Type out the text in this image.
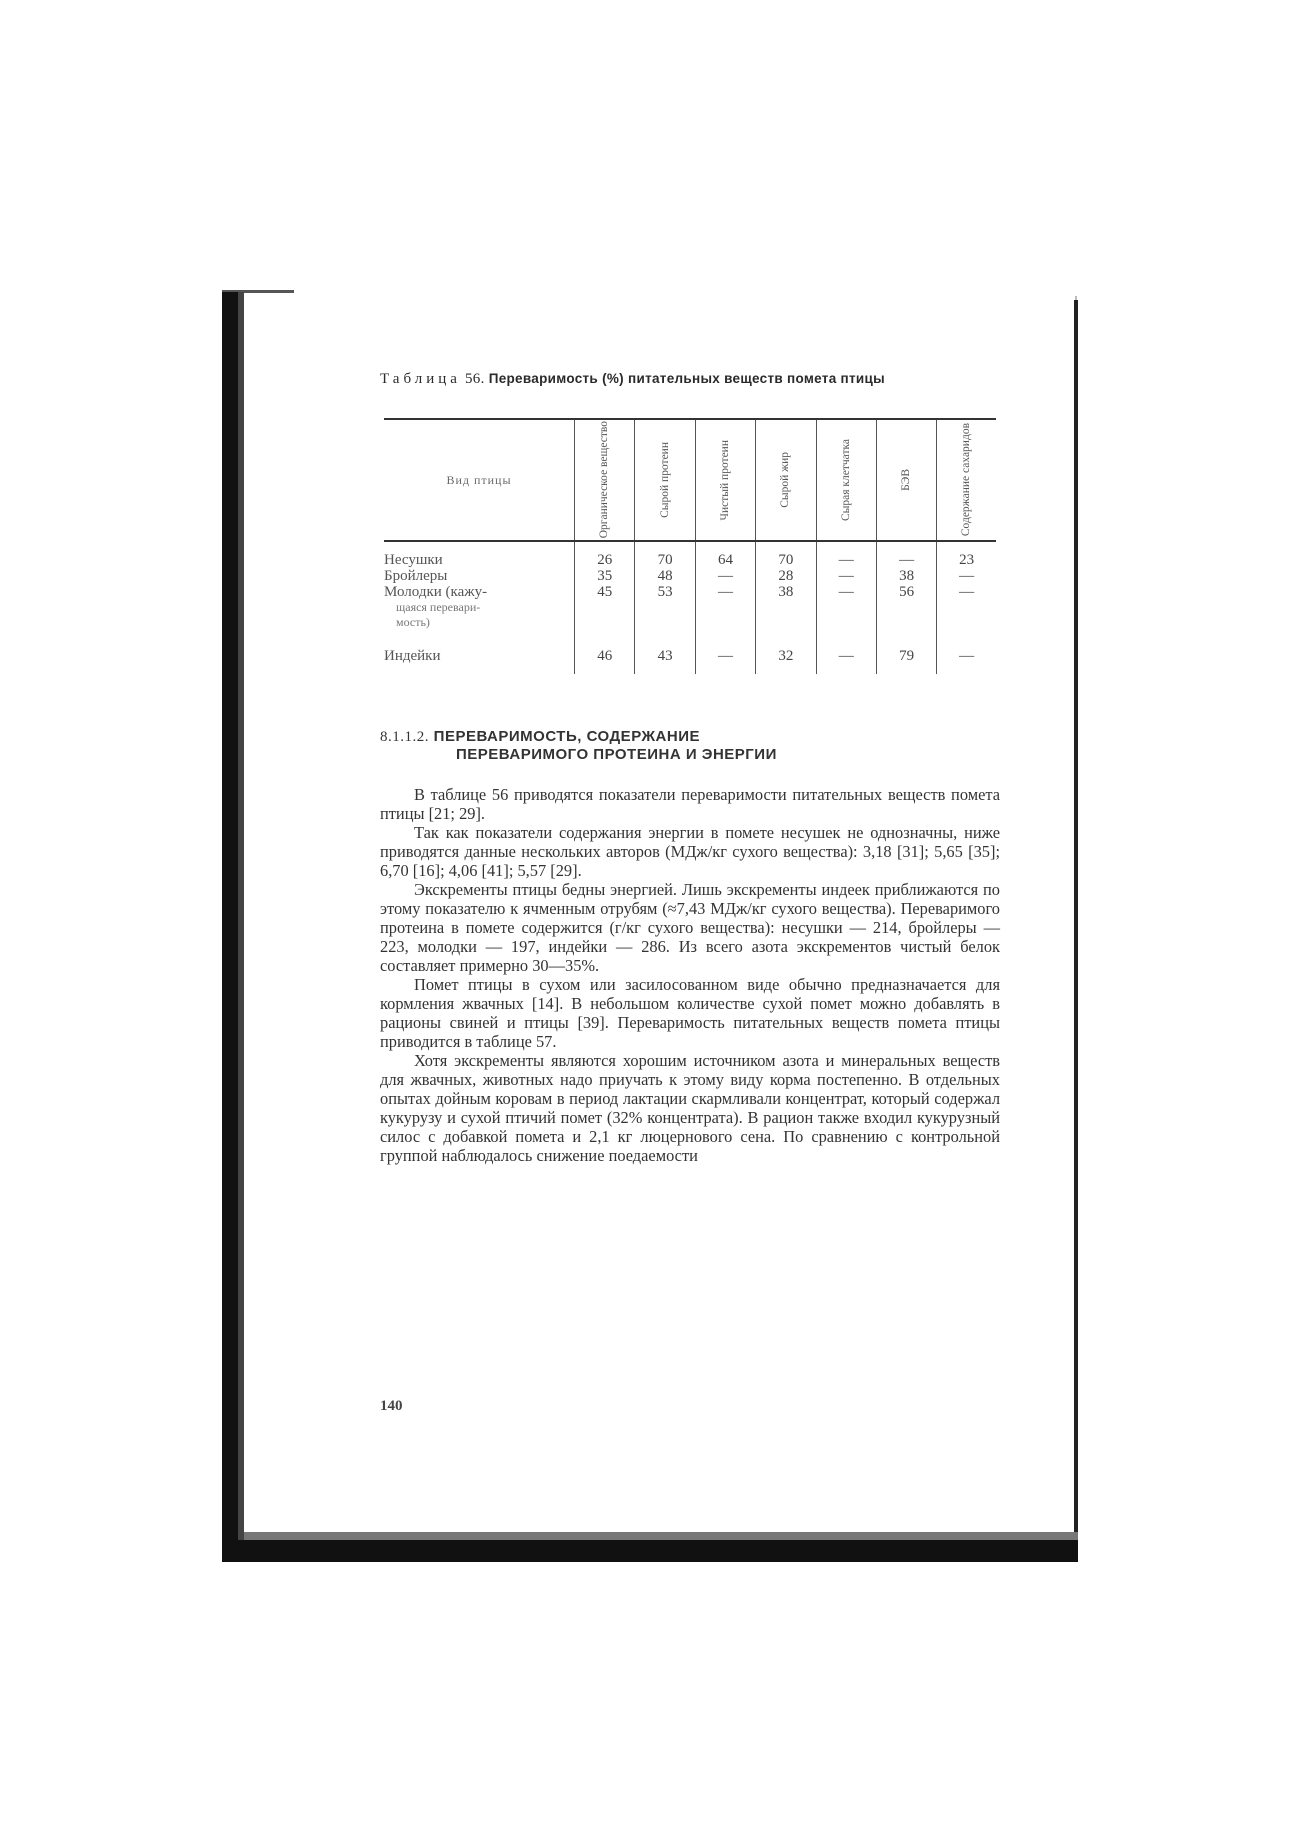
Таблица 56. Переваримость (%) питательных веществ помета птицы
Вид птицы	Органическое вещество	Сырой протеин	Чистый протеин	Сырой жир	Сырая клетчатка	БЭВ	Содержание сахаридов

Несушки	26	70	64	70	—	—	23
Бройлеры	35	48	—	28	—	38	—
Молодки (кажу-
щаяся перевари-
мость)	45	53	—	38	—	56	—
Индейки	46	43	—	32	—	79	—
8.1.1.2. ПЕРЕВАРИМОСТЬ, СОДЕРЖАНИЕ
ПЕРЕВАРИМОГО ПРОТЕИНА И ЭНЕРГИИ

В таблице 56 приводятся показатели переваримости питательных веществ помета птицы [21; 29].

Так как показатели содержания энергии в помете несушек не однозначны, ниже приводятся данные нескольких авторов (МДж/кг сухого вещества): 3,18 [31]; 5,65 [35]; 6,70 [16]; 4,06 [41]; 5,57 [29].

Экскременты птицы бедны энергией. Лишь экскременты индеек приближаются по этому показателю к ячменным отрубям (≈7,43 МДж/кг сухого вещества). Переваримого протеина в помете содержится (г/кг сухого вещества): несушки — 214, бройлеры — 223, молодки — 197, индейки — 286. Из всего азота экскрементов чистый белок составляет примерно 30—35%.

Помет птицы в сухом или засилосованном виде обычно предназначается для кормления жвачных [14]. В небольшом количестве сухой помет можно добавлять в рационы свиней и птицы [39]. Переваримость питательных веществ помета птицы приводится в таблице 57.

Хотя экскременты являются хорошим источником азота и минеральных веществ для жвачных, животных надо приучать к этому виду корма постепенно. В отдельных опытах дойным коровам в период лактации скармливали концентрат, который содержал кукурузу и сухой птичий помет (32% концентрата). В рацион также входил кукурузный силос с добавкой помета и 2,1 кг люцернового сена. По сравнению с контрольной группой наблюдалось снижение поедаемости

140
